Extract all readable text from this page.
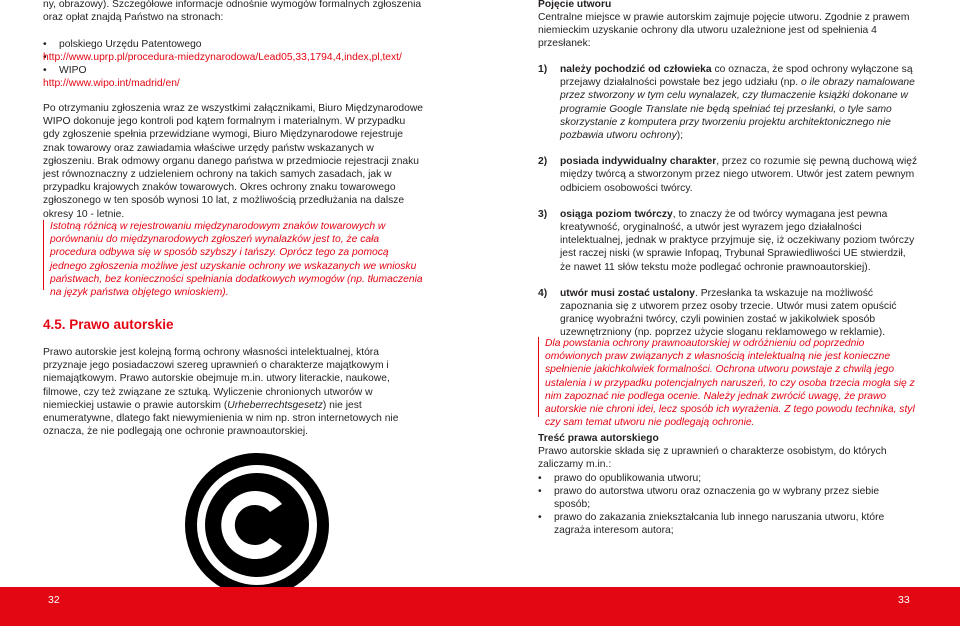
ny, obrazowy). Szczegółowe informacje odnośnie wymogów formalnych zgłoszenia oraz opłat znajdą Państwo na stronach:

• polskiego Urzędu Patentowego
http://www.uprp.pl/procedura-miedzynarodowa/Lead05,33,1794,4,index,pl,text/
• WIPO
http://www.wipo.int/madrid/en/

Po otrzymaniu zgłoszenia wraz ze wszystkimi załącznikami, Biuro Międzynarodowe WIPO dokonuje jego kontroli pod kątem formalnym i materialnym. W przypadku gdy zgłoszenie spełnia przewidziane wymogi, Biuro Międzynarodowe rejestruje znak towarowy oraz zawiadamia właściwe urzędy państw wskazanych w zgłoszeniu. Brak odmowy organu danego państwa w przedmiocie rejestracji znaku jest równoznaczny z udzieleniem ochrony na takich samych zasadach, jak w przypadku krajowych znaków towarowych. Okres ochrony znaku towarowego zgłoszonego w ten sposób wynosi 10 lat, z możliwością przedłużania na dalsze okresy 10 - letnie.

Istotną różnicą w rejestrowaniu międzynarodowym znaków towarowych w porównaniu do międzynarodowych zgłoszeń wynalazków jest to, że cała procedura odbywa się w sposób szybszy i tańszy. Oprócz tego za pomocą jednego zgłoszenia możliwe jest uzyskanie ochrony we wskazanych we wniosku państwach, bez konieczności spełniania dodatkowych wymogów (np. tłumaczenia na język państwa objętego wnioskiem).

4.5. Prawo autorskie

Prawo autorskie jest kolejną formą ochrony własności intelektualnej, która przyznaje jego posiadaczowi szereg uprawnień o charakterze majątkowym i niemajątkowym. Prawo autorskie obejmuje m.in. utwory literackie, naukowe, filmowe, czy też związane ze sztuką. Wyliczenie chronionych utworów w niemieckiej ustawie o prawie autorskim (Urheberrechtsgesetz) nie jest enumeratywne, dlatego fakt niewymienienia w nim np. stron internetowych nie oznacza, że nie podlegają one ochronie prawnoautorskiej.

Pojęcie utworu

Centralne miejsce w prawie autorskim zajmuje pojęcie utworu. Zgodnie z prawem niemieckim uzyskanie ochrony dla utworu uzależnione jest od spełnienia 4 przesłanek:

1) należy pochodzić od człowieka co oznacza, że spod ochrony wyłączone są przejawy działalności powstałe bez jego udziału (np. o ile obrazy namalowane przez stworzony w tym celu wynalazek, czy tłumaczenie książki dokonane w programie Google Translate nie będą spełniać tej przesłanki, o tyle samo skorzystanie z komputera przy tworzeniu projektu architektonicznego nie pozbawia utworu ochrony);
2) posiada indywidualny charakter, przez co rozumie się pewną duchową więź między twórcą a stworzonym przez niego utworem. Utwór jest zatem pewnym odbiciem osobowości twórcy.
3) osiąga poziom twórczy, to znaczy że od twórcy wymagana jest pewna kreatywność, oryginalność, a utwór jest wyrazem jego działalności intelektualnej, jednak w praktyce przyjmuje się, iż oczekiwany poziom twórczy jest raczej niski (w sprawie Infopaq, Trybunał Sprawiedliwości UE stwierdził, że nawet 11 słów tekstu może podlegać ochronie prawnoautorskiej).
4) utwór musi zostać ustalony. Przesłanka ta wskazuje na możliwość zapoznania się z utworem przez osoby trzecie. Utwór musi zatem opuścić granicę wyobraźni twórcy, czyli powinien zostać w jakikolwiek sposób uzewnętrzniony (np. poprzez użycie sloganu reklamowego w reklamie).

Dla powstania ochrony prawnoautorskiej w odróżnieniu od poprzednio omówionych praw związanych z własnością intelektualną nie jest konieczne spełnienie jakichkolwiek formalności. Ochrona utworu powstaje z chwilą jego ustalenia i w przypadku potencjalnych naruszeń, to czy osoba trzecia mogła się z nim zapoznać nie podlega ocenie. Należy jednak zwrócić uwagę, że prawo autorskie nie chroni idei, lecz sposób ich wyrażenia. Z tego powodu technika, styl czy sam temat utworu nie podlegają ochronie.

Treść prawa autorskiego

Prawo autorskie składa się z uprawnień o charakterze osobistym, do których zaliczamy m.in.:

• prawo do opublikowania utworu;
• prawo do autorstwa utworu oraz oznaczenia go w wybrany przez siebie sposób;
• prawo do zakazania zniekształcania lub innego naruszania utworu, które zagraża interesom autora;
32	33
